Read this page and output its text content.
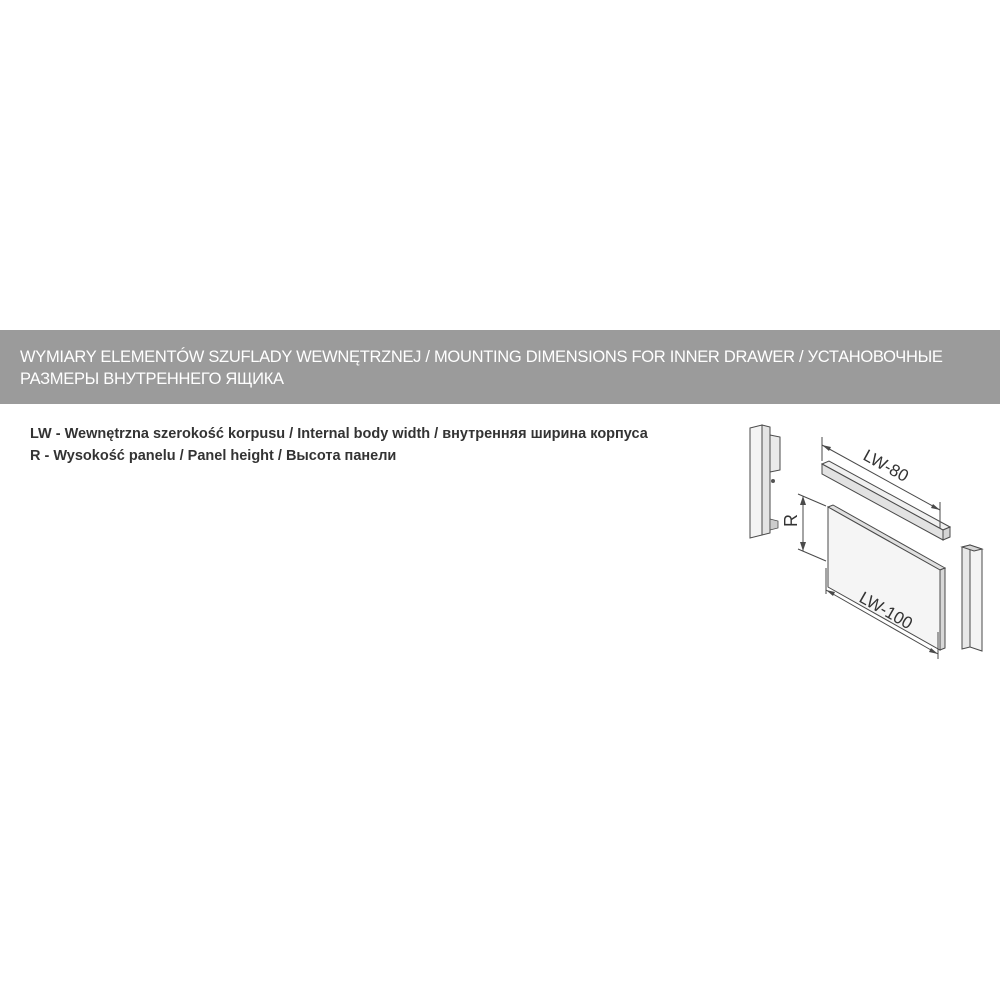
WYMIARY ELEMENTÓW SZUFLADY WEWNĘTRZNEJ / MOUNTING DIMENSIONS FOR INNER DRAWER / УСТАНОВОЧНЫЕ
РАЗМЕРЫ ВНУТРЕННЕГО ЯЩИКА
LW - Wewnętrzna szerokość korpusu / Internal body width / внутренняя ширина корпуса
R - Wysokość panelu / Panel height / Высота панели	LW-80
R
LW-100
